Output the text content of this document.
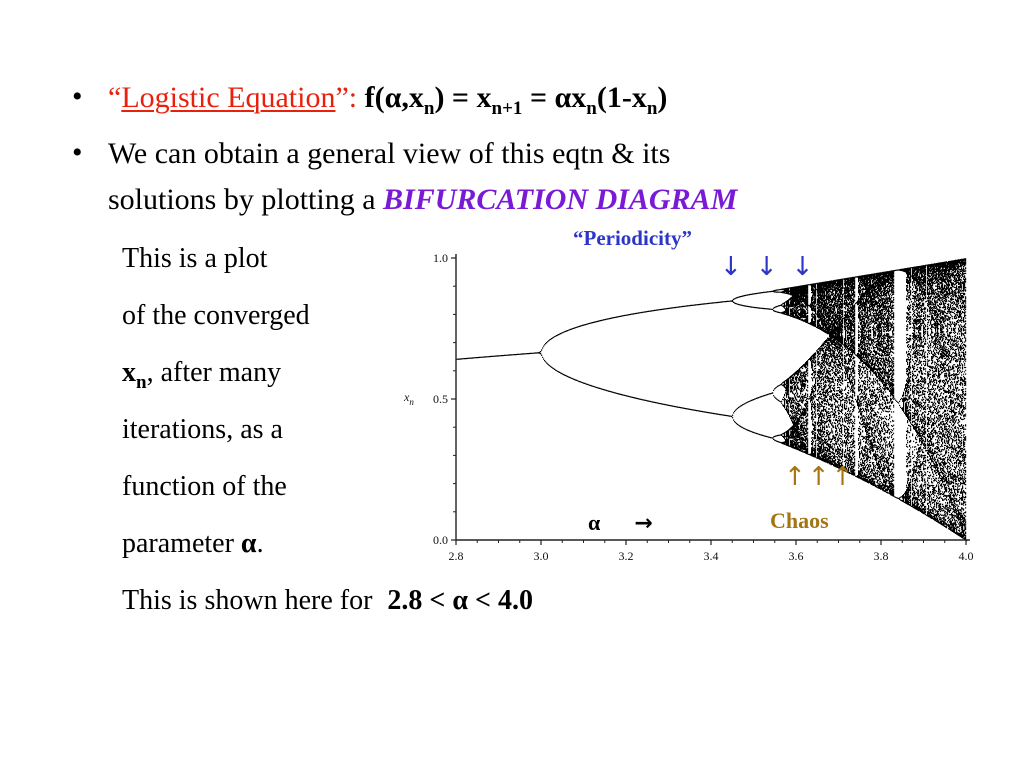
• “Logistic Equation”: $f(\alpha,x_n) = x_{n+1} = \alpha x_n(1-x_n)$
• We can obtain a general view of this eqtn & its
solutions by plotting a BIFURCATION DIAGRAM
This is a plot
of the converged
$x_n$, after many
iterations, as a
function of the
parameter α.
This is shown here for 2.8 < α < 4.0
2.8	3.0	3.2	3.4	3.6	3.8	4.0
0.0
0.5
1.0
$x_n$
“Periodicity”
↓↓↓
↑↑↑
Chaos
α →
